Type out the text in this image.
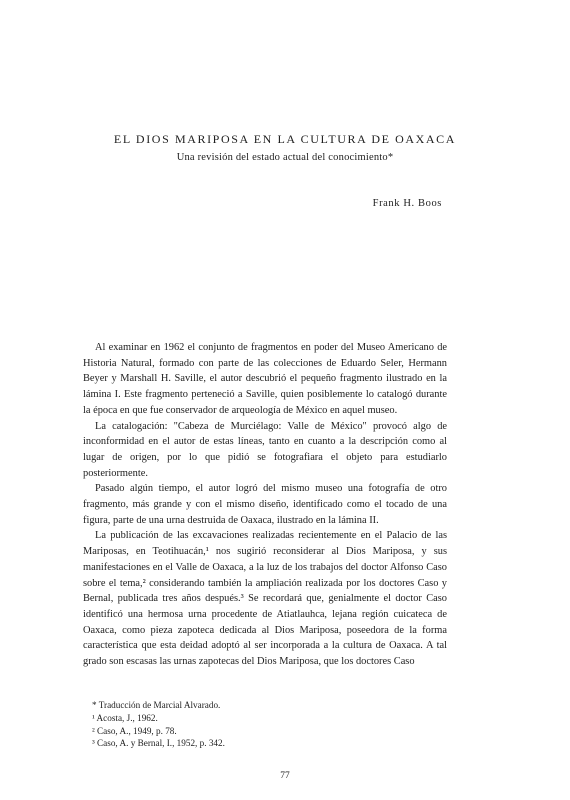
EL DIOS MARIPOSA EN LA CULTURA DE OAXACA
Una revisión del estado actual del conocimiento*
Frank H. Boos

Al examinar en 1962 el conjunto de fragmentos en poder del Museo Americano de Historia Natural, formado con parte de las colecciones de Eduardo Seler, Hermann Beyer y Marshall H. Saville, el autor descubrió el pequeño fragmento ilustrado en la lámina I. Este fragmento perteneció a Saville, quien posiblemente lo catalogó durante la época en que fue conservador de arqueología de México en aquel museo.

La catalogación: "Cabeza de Murciélago: Valle de México" provocó algo de inconformidad en el autor de estas líneas, tanto en cuanto a la descripción como al lugar de origen, por lo que pidió se fotografiara el objeto para estudiarlo posteriormente.

Pasado algún tiempo, el autor logró del mismo museo una fotografía de otro fragmento, más grande y con el mismo diseño, identificado como el tocado de una figura, parte de una urna destruida de Oaxaca, ilustrado en la lámina II.

La publicación de las excavaciones realizadas recientemente en el Palacio de las Mariposas, en Teotihuacán,¹ nos sugirió reconsiderar al Dios Mariposa, y sus manifestaciones en el Valle de Oaxaca, a la luz de los trabajos del doctor Alfonso Caso sobre el tema,² considerando también la ampliación realizada por los doctores Caso y Bernal, publicada tres años después.³ Se recordará que, genialmente el doctor Caso identificó una hermosa urna procedente de Atiatlauhca, lejana región cuicateca de Oaxaca, como pieza zapoteca dedicada al Dios Mariposa, poseedora de la forma característica que esta deidad adoptó al ser incorporada a la cultura de Oaxaca. A tal grado son escasas las urnas zapotecas del Dios Mariposa, que los doctores Caso

* Traducción de Marcial Alvarado.
¹ Acosta, J., 1962.
² Caso, A., 1949, p. 78.
³ Caso, A. y Bernal, I., 1952, p. 342.
77
